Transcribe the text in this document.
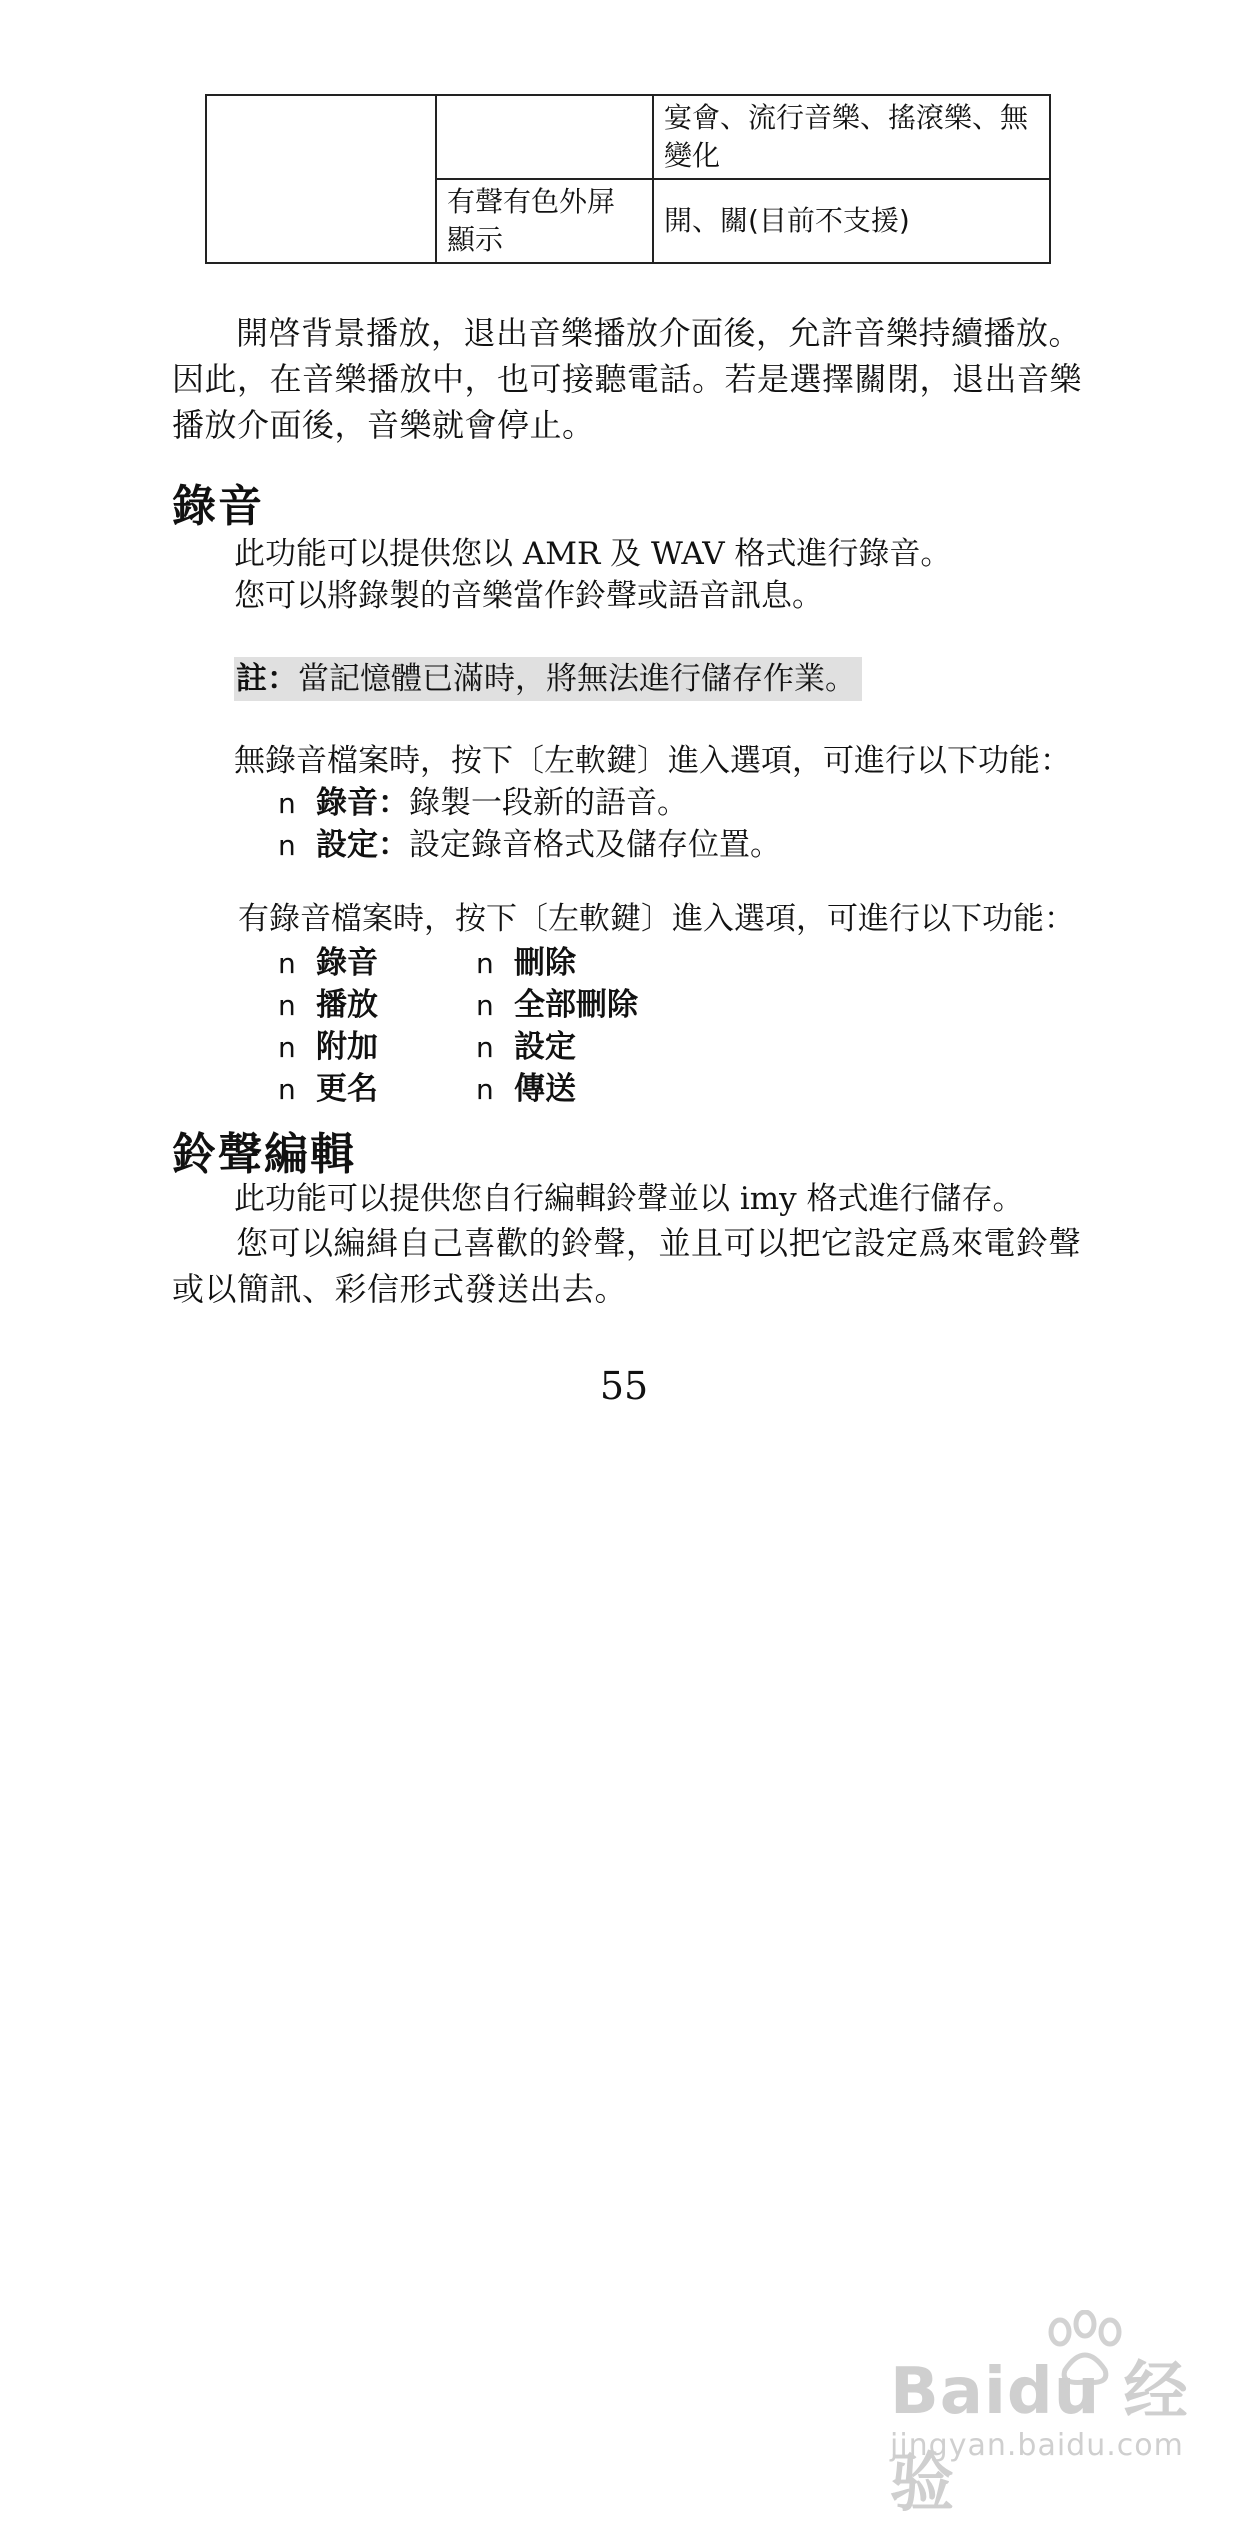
		宴會、流行音樂、搖滾樂、無變化
	有聲有色外屏顯示	開、關(目前不支援)
開啓背景播放，退出音樂播放介面後，允許音樂持續播放。因此，在音樂播放中，也可接聽電話。若是選擇關閉，退出音樂播放介面後，音樂就會停止。
錄音
此功能可以提供您以 AMR 及 WAV 格式進行錄音。
您可以將錄製的音樂當作鈴聲或語音訊息。
註：當記憶體已滿時，將無法進行儲存作業。
無錄音檔案時，按下〔左軟鍵〕進入選項，可進行以下功能：
n 錄音：錄製一段新的語音。
n 設定：設定錄音格式及儲存位置。
有錄音檔案時，按下〔左軟鍵〕進入選項，可進行以下功能：
n 錄音
n 播放
n 附加
n 更名
n 刪除
n 全部刪除
n 設定
n 傳送
鈴聲編輯
此功能可以提供您自行編輯鈴聲並以 imy 格式進行儲存。
您可以編緝自己喜歡的鈴聲，並且可以把它設定爲來電鈴聲或以簡訊、彩信形式發送出去。
55
Baidu 经验
jingyan.baidu.com
